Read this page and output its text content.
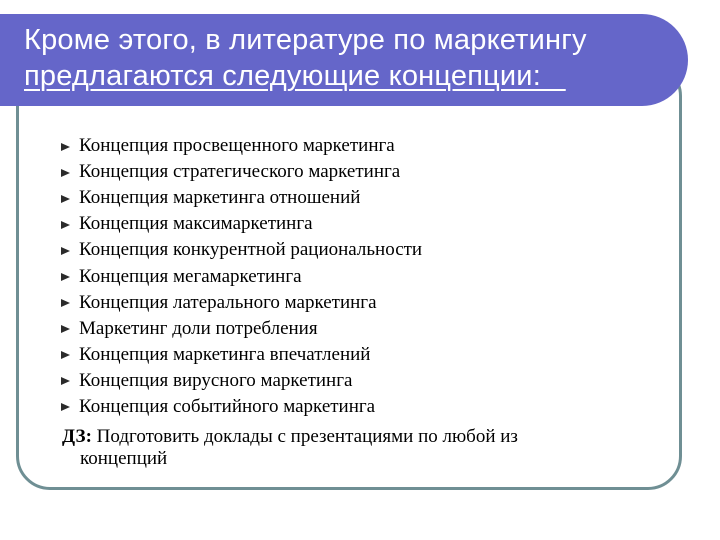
Кроме этого, в литературе по маркетингу
предлагаются следующие концепции:
Концепция просвещенного маркетинга
Концепция стратегического маркетинга
Концепция маркетинга отношений
Концепция максимаркетинга
Концепция конкурентной рациональности
Концепция мегамаркетинга
Концепция латерального маркетинга
Маркетинг доли потребления
Концепция маркетинга впечатлений
Концепция вирусного маркетинга
Концепция событийного маркетинга
ДЗ: Подготовить доклады с презентациями по любой из
концепций
